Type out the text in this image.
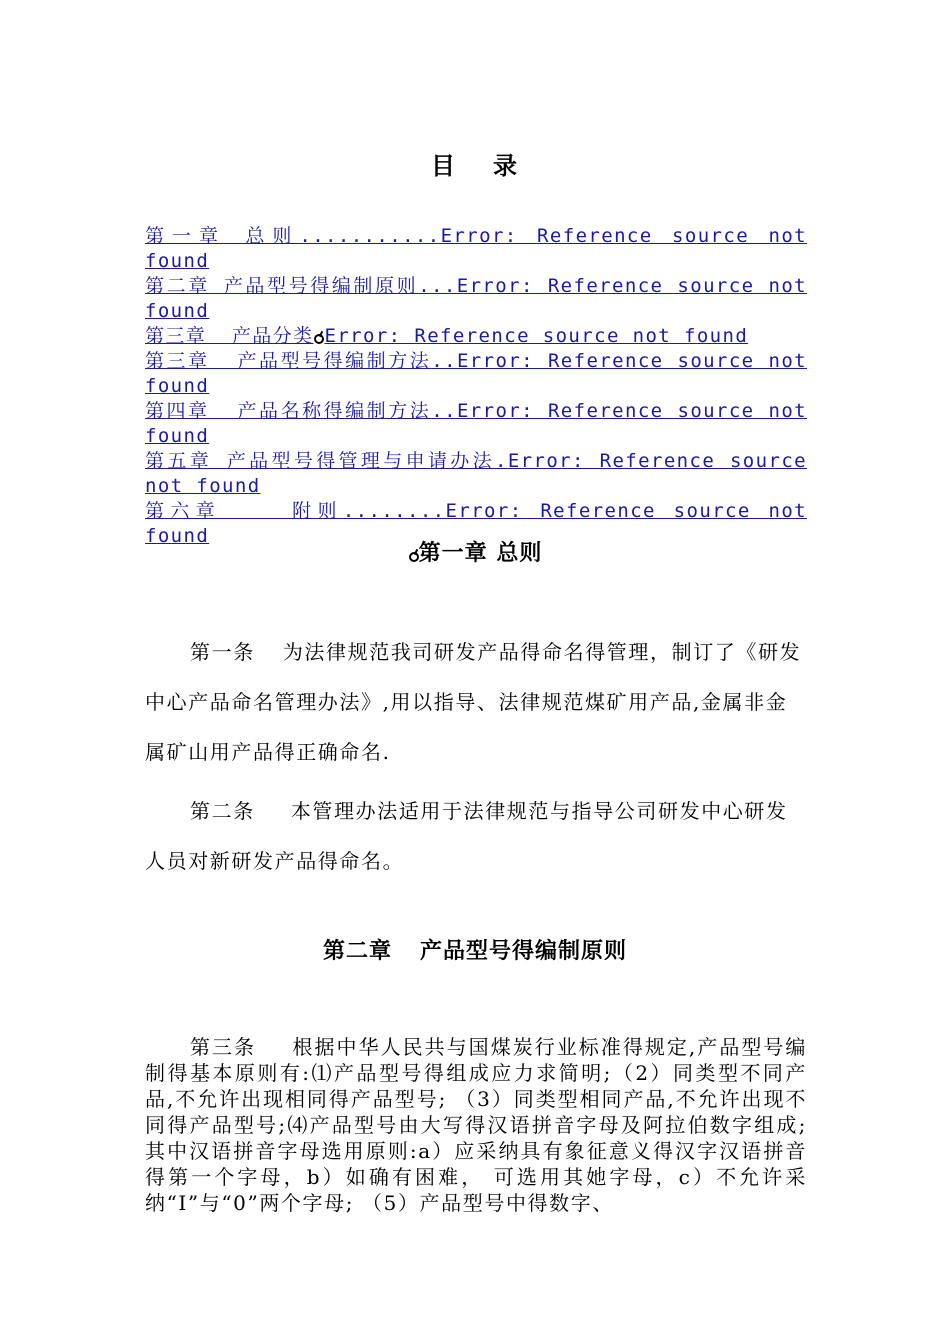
目 录
第一章 总则...........Error: Reference source not found
第二章 产品型号得编制原则...Error: Reference source not found
第三章  产品分类 Error: Reference source not found
第三章  产品型号得编制方法..Error: Reference source not found
第四章  产品名称得编制方法..Error: Reference source not found
第五章 产品型号得管理与申请办法.Error: Reference source not found
第六章    附则........Error: Reference source not found
第一章 总则
第一条 为法律规范我司研发产品得命名得管理，制订了《研发中心产品命名管理办法》,用以指导、法律规范煤矿用产品,金属非金属矿山用产品得正确命名.
第二条 本管理办法适用于法律规范与指导公司研发中心研发人员对新研发产品得命名。
第二章 产品型号得编制原则
第三条 根据中华人民共与国煤炭行业标准得规定,产品型号编制得基本原则有:⑴产品型号得组成应力求简明;（2）同类型不同产品,不允许出现相同得产品型号; （3）同类型相同产品,不允许出现不同得产品型号;⑷产品型号由大写得汉语拼音字母及阿拉伯数字组成;其中汉语拼音字母选用原则:a）应采纳具有象征意义得汉字汉语拼音得第一个字母，b）如确有困难， 可选用其她字母，c）不允许采纳“I”与“0”两个字母; （5）产品型号中得数字、
